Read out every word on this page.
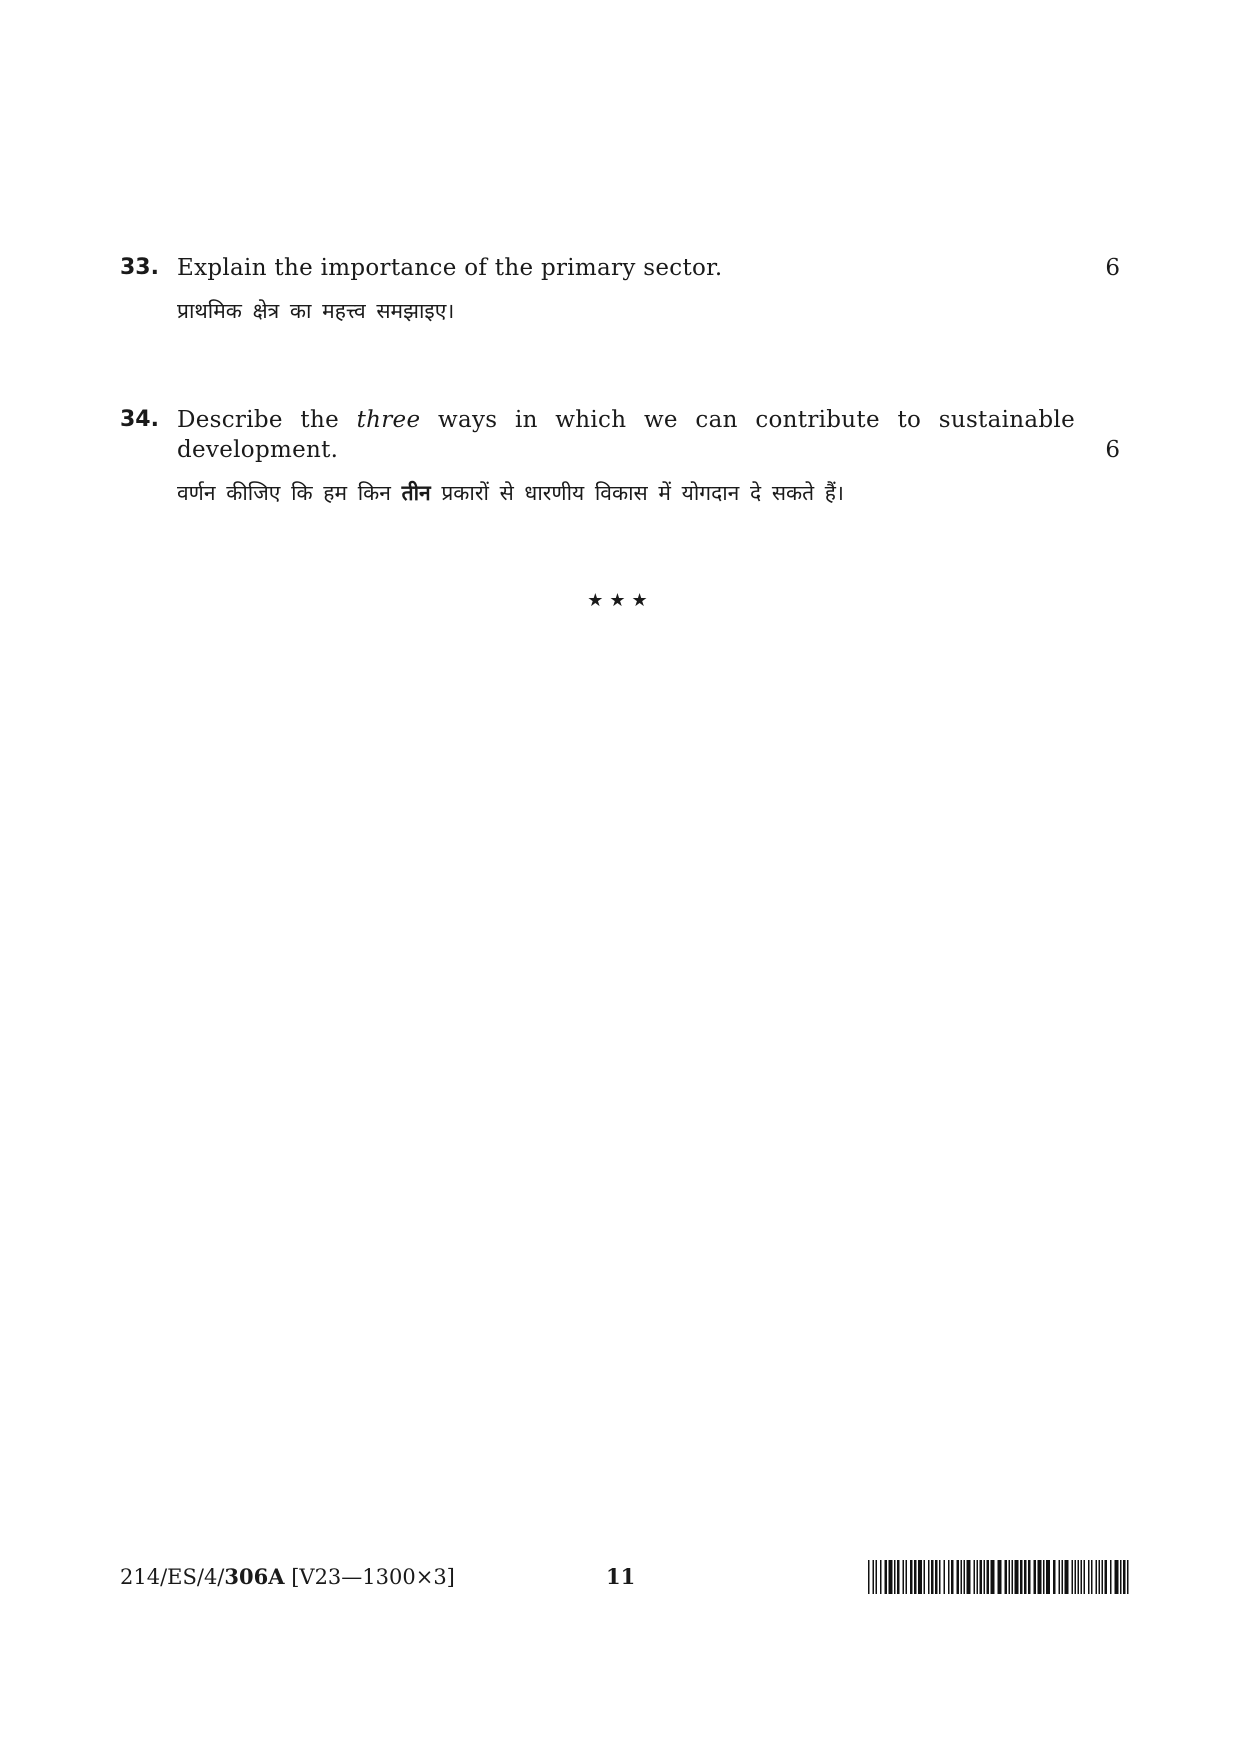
33. Explain the importance of the primary sector.	6
प्राथमिक क्षेत्र का महत्त्व समझाइए।
34. Describe the three ways in which we can contribute to sustainable development.	6
वर्णन कीजिए कि हम किन तीन प्रकारों से धारणीय विकास में योगदान दे सकते हैं।
★★★
214/ES/4/306A [V23—1300×3]	11
